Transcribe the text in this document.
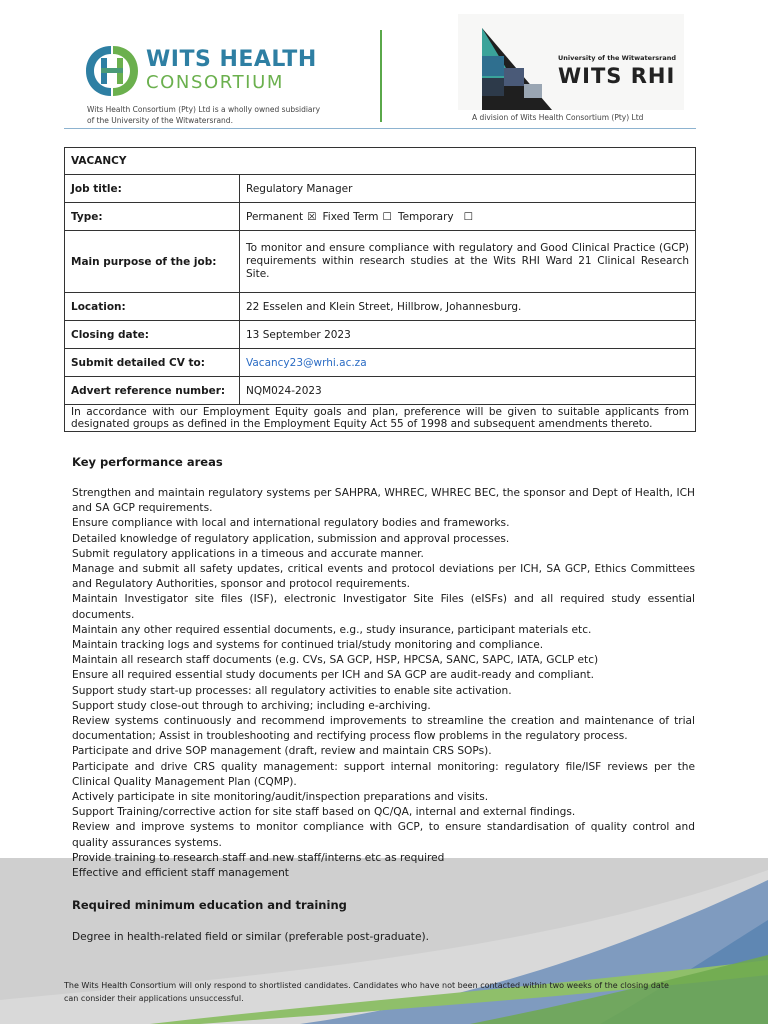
WITS HEALTH
CONSORTIUM
Wits Health Consortium (Pty) Ltd is a wholly owned subsidiary of the University of the Witwatersrand.
University of the Witwatersrand
WITS RHI
A division of Wits Health Consortium (Pty) Ltd
VACANCY	
Job title:	Regulatory Manager
Type:	Permanent ☒ Fixed Term ☐ Temporary ☐
Main purpose of the job:	To monitor and ensure compliance with regulatory and Good Clinical Practice (GCP) requirements within research studies at the Wits RHI Ward 21 Clinical Research Site.
Location:	22 Esselen and Klein Street, Hillbrow, Johannesburg.
Closing date:	13 September 2023
Submit detailed CV to:	Vacancy23@wrhi.ac.za
Advert reference number:	NQM024-2023
In accordance with our Employment Equity goals and plan, preference will be given to suitable applicants from designated groups as defined in the Employment Equity Act 55 of 1998 and subsequent amendments thereto.	
Key performance areas
Strengthen and maintain regulatory systems per SAHPRA, WHREC, WHREC BEC, the sponsor and Dept of Health, ICH and SA GCP requirements.
Ensure compliance with local and international regulatory bodies and frameworks.
Detailed knowledge of regulatory application, submission and approval processes.
Submit regulatory applications in a timeous and accurate manner.
Manage and submit all safety updates, critical events and protocol deviations per ICH, SA GCP, Ethics Committees and Regulatory Authorities, sponsor and protocol requirements.
Maintain Investigator site files (ISF), electronic Investigator Site Files (eISFs) and all required study essential documents.
Maintain any other required essential documents, e.g., study insurance, participant materials etc.
Maintain tracking logs and systems for continued trial/study monitoring and compliance.
Maintain all research staff documents (e.g. CVs, SA GCP, HSP, HPCSA, SANC, SAPC, IATA, GCLP etc)
Ensure all required essential study documents per ICH and SA GCP are audit-ready and compliant.
Support study start-up processes: all regulatory activities to enable site activation.
Support study close-out through to archiving; including e-archiving.
Review systems continuously and recommend improvements to streamline the creation and maintenance of trial documentation; Assist in troubleshooting and rectifying process flow problems in the regulatory process.
Participate and drive SOP management (draft, review and maintain CRS SOPs).
Participate and drive CRS quality management: support internal monitoring: regulatory file/ISF reviews per the Clinical Quality Management Plan (CQMP).
Actively participate in site monitoring/audit/inspection preparations and visits.
Support Training/corrective action for site staff based on QC/QA, internal and external findings.
Review and improve systems to monitor compliance with GCP, to ensure standardisation of quality control and quality assurances systems.
Provide training to research staff and new staff/interns etc as required
Effective and efficient staff management
Required minimum education and training
Degree in health-related field or similar (preferable post-graduate).
The Wits Health Consortium will only respond to shortlisted candidates. Candidates who have not been contacted within two weeks of the closing date can consider their applications unsuccessful.
